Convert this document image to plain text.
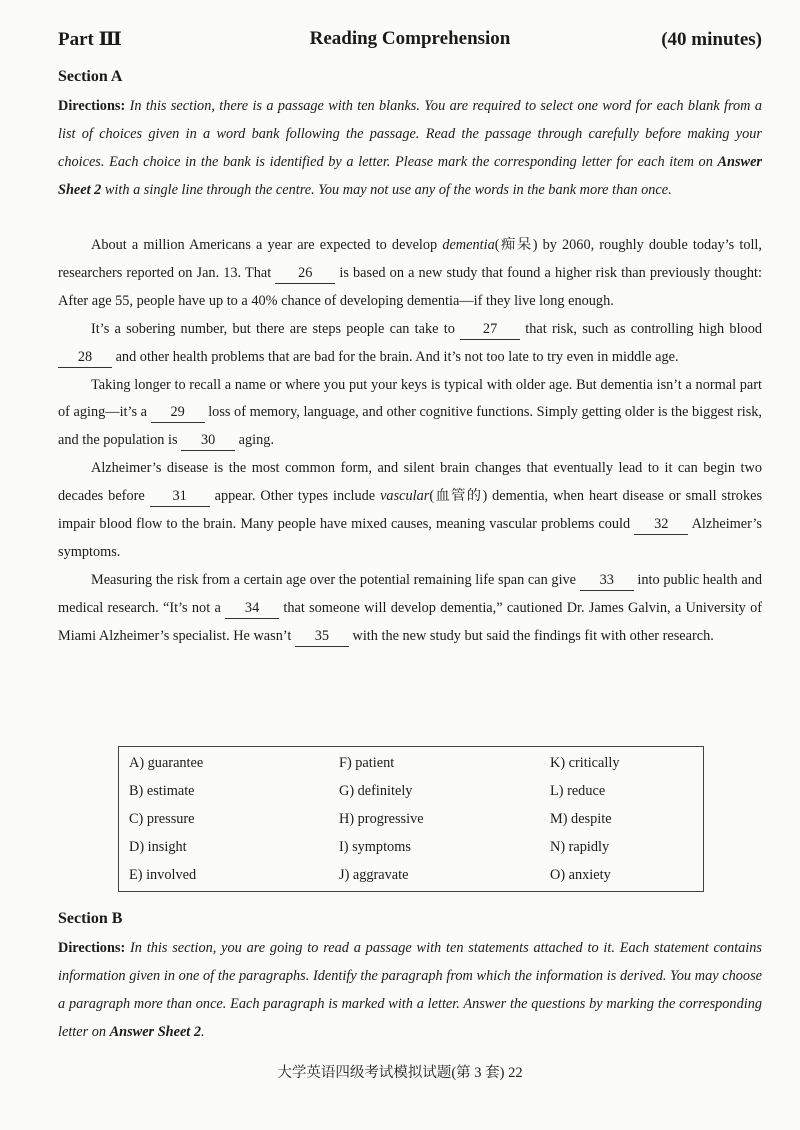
Part Ⅲ	Reading Comprehension	(40 minutes)
Section A
Directions: In this section, there is a passage with ten blanks. You are required to select one word for each blank from a list of choices given in a word bank following the passage. Read the passage through carefully before making your choices. Each choice in the bank is identified by a letter. Please mark the corresponding letter for each item on Answer Sheet 2 with a single line through the centre. You may not use any of the words in the bank more than once.

About a million Americans a year are expected to develop dementia(痴呆) by 2060, roughly double today’s toll, researchers reported on Jan. 13. That 26 is based on a new study that found a higher risk than previously thought: After age 55, people have up to a 40% chance of developing dementia—if they live long enough.

It’s a sobering number, but there are steps people can take to 27 that risk, such as controlling high blood 28 and other health problems that are bad for the brain. And it’s not too late to try even in middle age.

Taking longer to recall a name or where you put your keys is typical with older age. But dementia isn’t a normal part of aging—it’s a 29 loss of memory, language, and other cognitive functions. Simply getting older is the biggest risk, and the population is 30 aging.

Alzheimer’s disease is the most common form, and silent brain changes that eventually lead to it can begin two decades before 31 appear. Other types include vascular(血管的) dementia, when heart disease or small strokes impair blood flow to the brain. Many people have mixed causes, meaning vascular problems could 32 Alzheimer’s symptoms.

Measuring the risk from a certain age over the potential remaining life span can give 33 into public health and medical research. “It’s not a 34 that someone will develop dementia,” cautioned Dr. James Galvin, a University of Miami Alzheimer’s specialist. He wasn’t 35 with the new study but said the findings fit with other research.

A) guarantee	F) patient	K) critically
B) estimate	G) definitely	L) reduce
C) pressure	H) progressive	M) despite
D) insight	I) symptoms	N) rapidly
E) involved	J) aggravate	O) anxiety
Section B
Directions: In this section, you are going to read a passage with ten statements attached to it. Each statement contains information given in one of the paragraphs. Identify the paragraph from which the information is derived. You may choose a paragraph more than once. Each paragraph is marked with a letter. Answer the questions by marking the corresponding letter on Answer Sheet 2.
大学英语四级考试模拟试题(第 3 套) 22
